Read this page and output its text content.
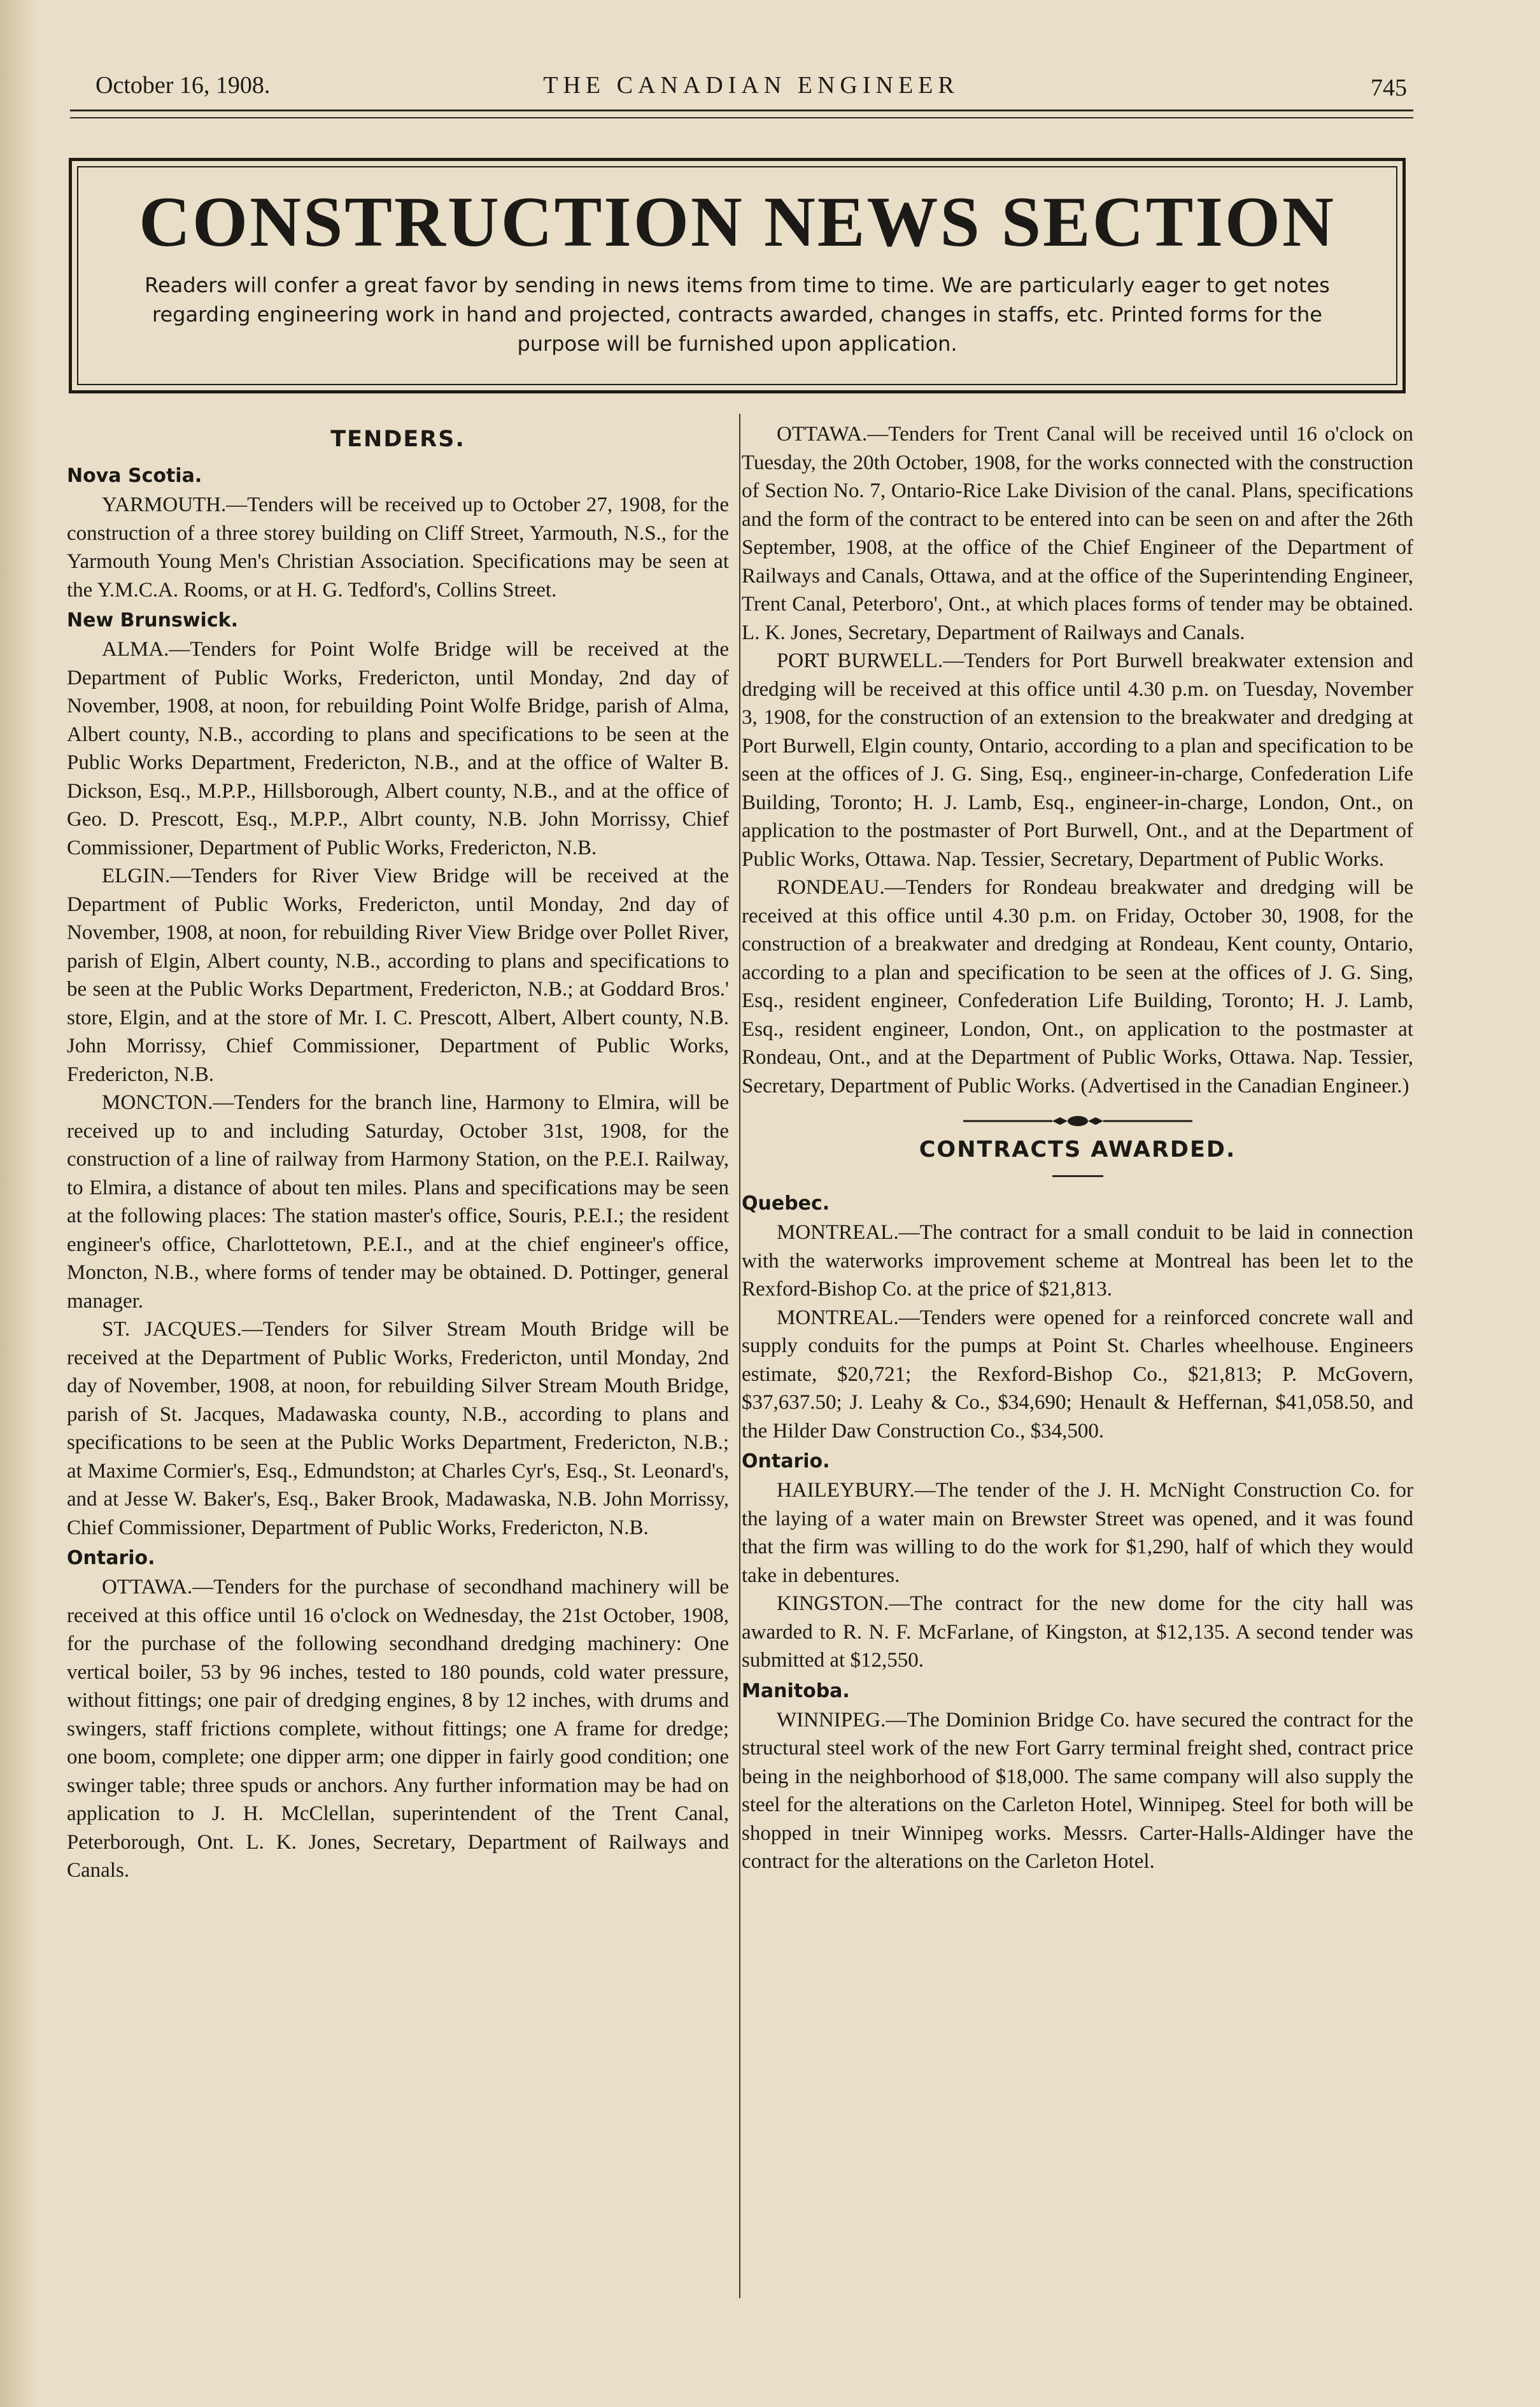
October 16, 1908.	THE CANADIAN ENGINEER	745
CONSTRUCTION NEWS SECTION

Readers will confer a great favor by sending in news items from time to time. We are particularly eager to get notes regarding engineering work in hand and projected, contracts awarded, changes in staffs, etc. Printed forms for the purpose will be furnished upon application.

TENDERS.
Nova Scotia.

YARMOUTH.—Tenders will be received up to October 27, 1908, for the construction of a three storey building on Cliff Street, Yarmouth, N.S., for the Yarmouth Young Men's Christian Association. Specifications may be seen at the Y.M.C.A. Rooms, or at H. G. Tedford's, Collins Street.

New Brunswick.

ALMA.—Tenders for Point Wolfe Bridge will be received at the Department of Public Works, Fredericton, until Monday, 2nd day of November, 1908, at noon, for rebuilding Point Wolfe Bridge, parish of Alma, Albert county, N.B., according to plans and specifications to be seen at the Public Works Department, Fredericton, N.B., and at the office of Walter B. Dickson, Esq., M.P.P., Hillsborough, Albert county, N.B., and at the office of Geo. D. Prescott, Esq., M.P.P., Albrt county, N.B. John Morrissy, Chief Commissioner, Department of Public Works, Fredericton, N.B.

ELGIN.—Tenders for River View Bridge will be received at the Department of Public Works, Fredericton, until Monday, 2nd day of November, 1908, at noon, for rebuilding River View Bridge over Pollet River, parish of Elgin, Albert county, N.B., according to plans and specifications to be seen at the Public Works Department, Fredericton, N.B.; at Goddard Bros.' store, Elgin, and at the store of Mr. I. C. Prescott, Albert, Albert county, N.B. John Morrissy, Chief Commissioner, Department of Public Works, Fredericton, N.B.

MONCTON.—Tenders for the branch line, Harmony to Elmira, will be received up to and including Saturday, October 31st, 1908, for the construction of a line of railway from Harmony Station, on the P.E.I. Railway, to Elmira, a distance of about ten miles. Plans and specifications may be seen at the following places: The station master's office, Souris, P.E.I.; the resident engineer's office, Charlottetown, P.E.I., and at the chief engineer's office, Moncton, N.B., where forms of tender may be obtained. D. Pottinger, general manager.

ST. JACQUES.—Tenders for Silver Stream Mouth Bridge will be received at the Department of Public Works, Fredericton, until Monday, 2nd day of November, 1908, at noon, for rebuilding Silver Stream Mouth Bridge, parish of St. Jacques, Madawaska county, N.B., according to plans and specifications to be seen at the Public Works Department, Fredericton, N.B.; at Maxime Cormier's, Esq., Edmundston; at Charles Cyr's, Esq., St. Leonard's, and at Jesse W. Baker's, Esq., Baker Brook, Madawaska, N.B. John Morrissy, Chief Commissioner, Department of Public Works, Fredericton, N.B.

Ontario.

OTTAWA.—Tenders for the purchase of secondhand machinery will be received at this office until 16 o'clock on Wednesday, the 21st October, 1908, for the purchase of the following secondhand dredging machinery: One vertical boiler, 53 by 96 inches, tested to 180 pounds, cold water pressure, without fittings; one pair of dredging engines, 8 by 12 inches, with drums and swingers, staff frictions complete, without fittings; one A frame for dredge; one boom, complete; one dipper arm; one dipper in fairly good condition; one swinger table; three spuds or anchors. Any further information may be had on application to J. H. McClellan, superintendent of the Trent Canal, Peterborough, Ont. L. K. Jones, Secretary, Department of Railways and Canals.

OTTAWA.—Tenders for Trent Canal will be received until 16 o'clock on Tuesday, the 20th October, 1908, for the works connected with the construction of Section No. 7, Ontario-Rice Lake Division of the canal. Plans, specifications and the form of the contract to be entered into can be seen on and after the 26th September, 1908, at the office of the Chief Engineer of the Department of Railways and Canals, Ottawa, and at the office of the Superintending Engineer, Trent Canal, Peterboro', Ont., at which places forms of tender may be obtained. L. K. Jones, Secretary, Department of Railways and Canals.

PORT BURWELL.—Tenders for Port Burwell breakwater extension and dredging will be received at this office until 4.30 p.m. on Tuesday, November 3, 1908, for the construction of an extension to the breakwater and dredging at Port Burwell, Elgin county, Ontario, according to a plan and specification to be seen at the offices of J. G. Sing, Esq., engineer-in-charge, Confederation Life Building, Toronto; H. J. Lamb, Esq., engineer-in-charge, London, Ont., on application to the postmaster of Port Burwell, Ont., and at the Department of Public Works, Ottawa. Nap. Tessier, Secretary, Department of Public Works.

RONDEAU.—Tenders for Rondeau breakwater and dredging will be received at this office until 4.30 p.m. on Friday, October 30, 1908, for the construction of a breakwater and dredging at Rondeau, Kent county, Ontario, according to a plan and specification to be seen at the offices of J. G. Sing, Esq., resident engineer, Confederation Life Building, Toronto; H. J. Lamb, Esq., resident engineer, London, Ont., on application to the postmaster at Rondeau, Ont., and at the Department of Public Works, Ottawa. Nap. Tessier, Secretary, Department of Public Works. (Advertised in the Canadian Engineer.)

CONTRACTS AWARDED.
Quebec.

MONTREAL.—The contract for a small conduit to be laid in connection with the waterworks improvement scheme at Montreal has been let to the Rexford-Bishop Co. at the price of $21,813.

MONTREAL.—Tenders were opened for a reinforced concrete wall and supply conduits for the pumps at Point St. Charles wheelhouse. Engineers estimate, $20,721; the Rexford-Bishop Co., $21,813; P. McGovern, $37,637.50; J. Leahy & Co., $34,690; Henault & Heffernan, $41,058.50, and the Hilder Daw Construction Co., $34,500.

Ontario.

HAILEYBURY.—The tender of the J. H. McNight Construction Co. for the laying of a water main on Brewster Street was opened, and it was found that the firm was willing to do the work for $1,290, half of which they would take in debentures.

KINGSTON.—The contract for the new dome for the city hall was awarded to R. N. F. McFarlane, of Kingston, at $12,135. A second tender was submitted at $12,550.

Manitoba.

WINNIPEG.—The Dominion Bridge Co. have secured the contract for the structural steel work of the new Fort Garry terminal freight shed, contract price being in the neighborhood of $18,000. The same company will also supply the steel for the alterations on the Carleton Hotel, Winnipeg. Steel for both will be shopped in tneir Winnipeg works. Messrs. Carter-Halls-Aldinger have the contract for the alterations on the Carleton Hotel.
